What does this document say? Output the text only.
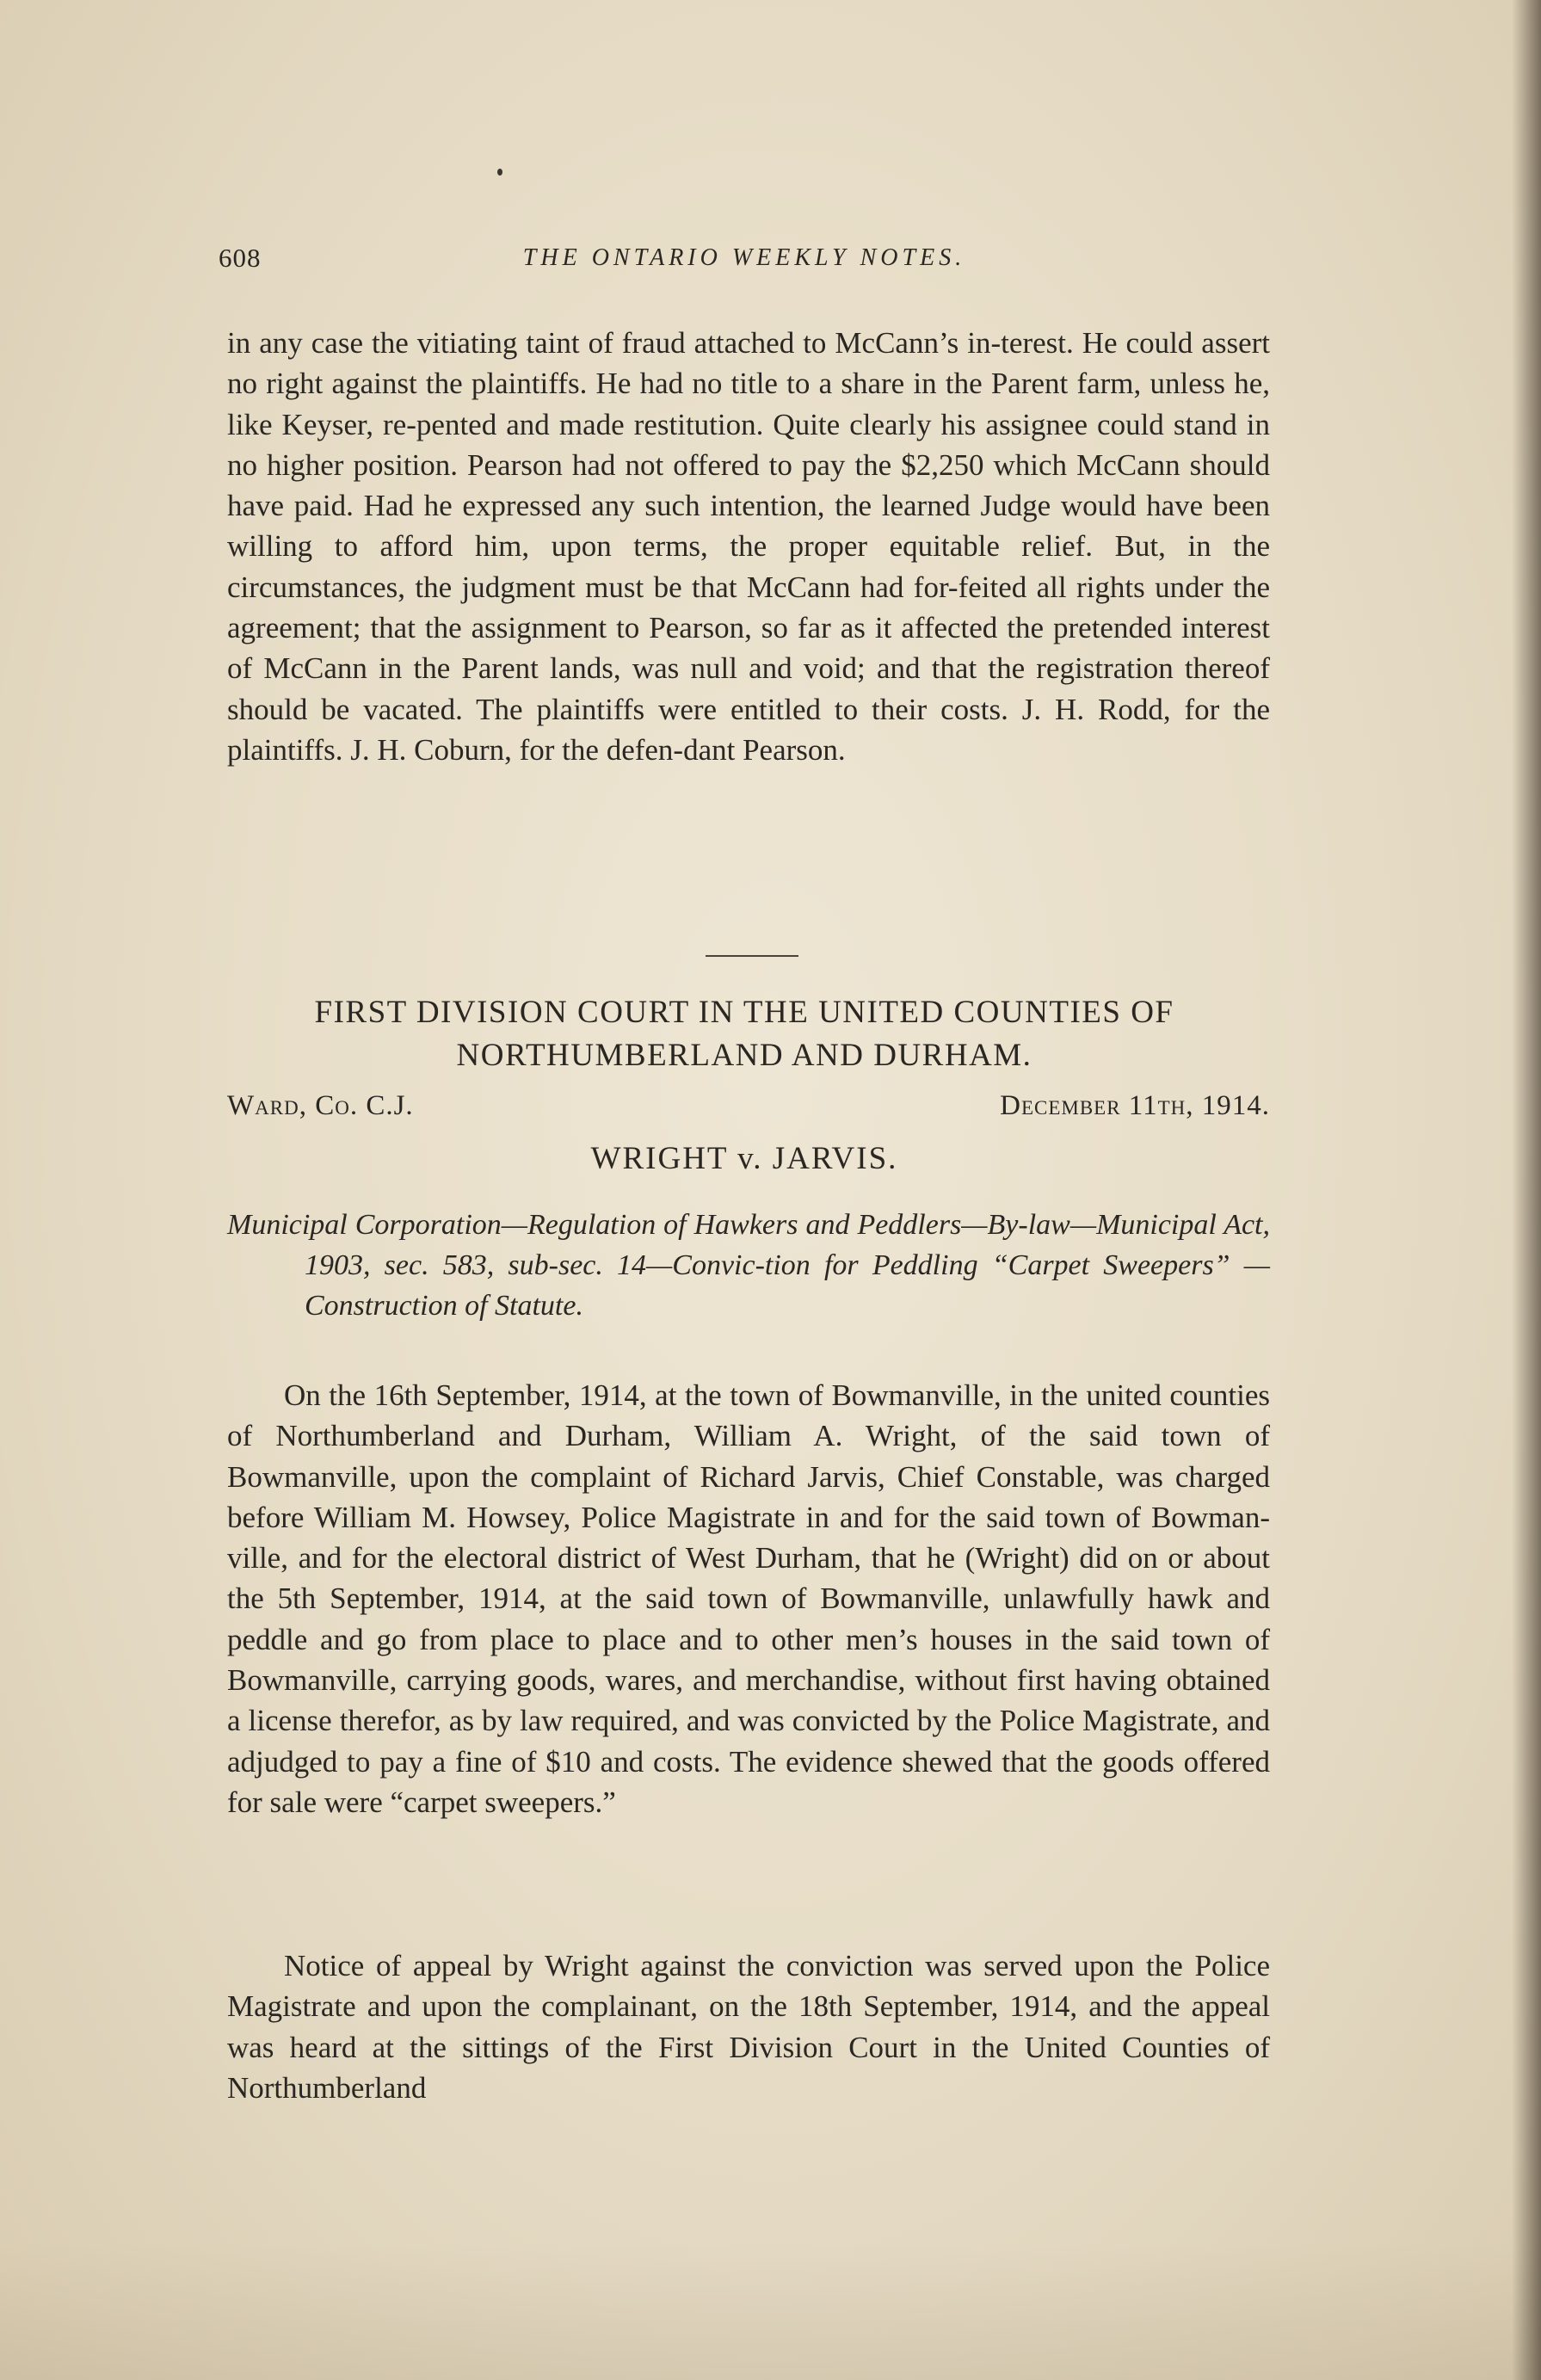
608	THE ONTARIO WEEKLY NOTES.

in any case the vitiating taint of fraud attached to McCann’s in-terest. He could assert no right against the plaintiffs. He had no title to a share in the Parent farm, unless he, like Keyser, re-pented and made restitution. Quite clearly his assignee could stand in no higher position. Pearson had not offered to pay the $2,250 which McCann should have paid. Had he expressed any such intention, the learned Judge would have been willing to afford him, upon terms, the proper equitable relief. But, in the circumstances, the judgment must be that McCann had for-feited all rights under the agreement; that the assignment to Pearson, so far as it affected the pretended interest of McCann in the Parent lands, was null and void; and that the registration thereof should be vacated. The plaintiffs were entitled to their costs. J. H. Rodd, for the plaintiffs. J. H. Coburn, for the defen-dant Pearson.

FIRST DIVISION COURT IN THE UNITED COUNTIES OF
NORTHUMBERLAND AND DURHAM.
Ward, Co. C.J.	December 11th, 1914.
WRIGHT v. JARVIS.
Municipal Corporation—Regulation of Hawkers and Peddlers—By-law—Municipal Act, 1903, sec. 583, sub-sec. 14—Convic-tion for Peddling “Carpet Sweepers” — Construction of Statute.

On the 16th September, 1914, at the town of Bowmanville, in the united counties of Northumberland and Durham, William A. Wright, of the said town of Bowmanville, upon the complaint of Richard Jarvis, Chief Constable, was charged before William M. Howsey, Police Magistrate in and for the said town of Bowman-ville, and for the electoral district of West Durham, that he (Wright) did on or about the 5th September, 1914, at the said town of Bowmanville, unlawfully hawk and peddle and go from place to place and to other men’s houses in the said town of Bowmanville, carrying goods, wares, and merchandise, without first having obtained a license therefor, as by law required, and was convicted by the Police Magistrate, and adjudged to pay a fine of $10 and costs. The evidence shewed that the goods offered for sale were “carpet sweepers.”

Notice of appeal by Wright against the conviction was served upon the Police Magistrate and upon the complainant, on the 18th September, 1914, and the appeal was heard at the sittings of the First Division Court in the United Counties of Northumberland
